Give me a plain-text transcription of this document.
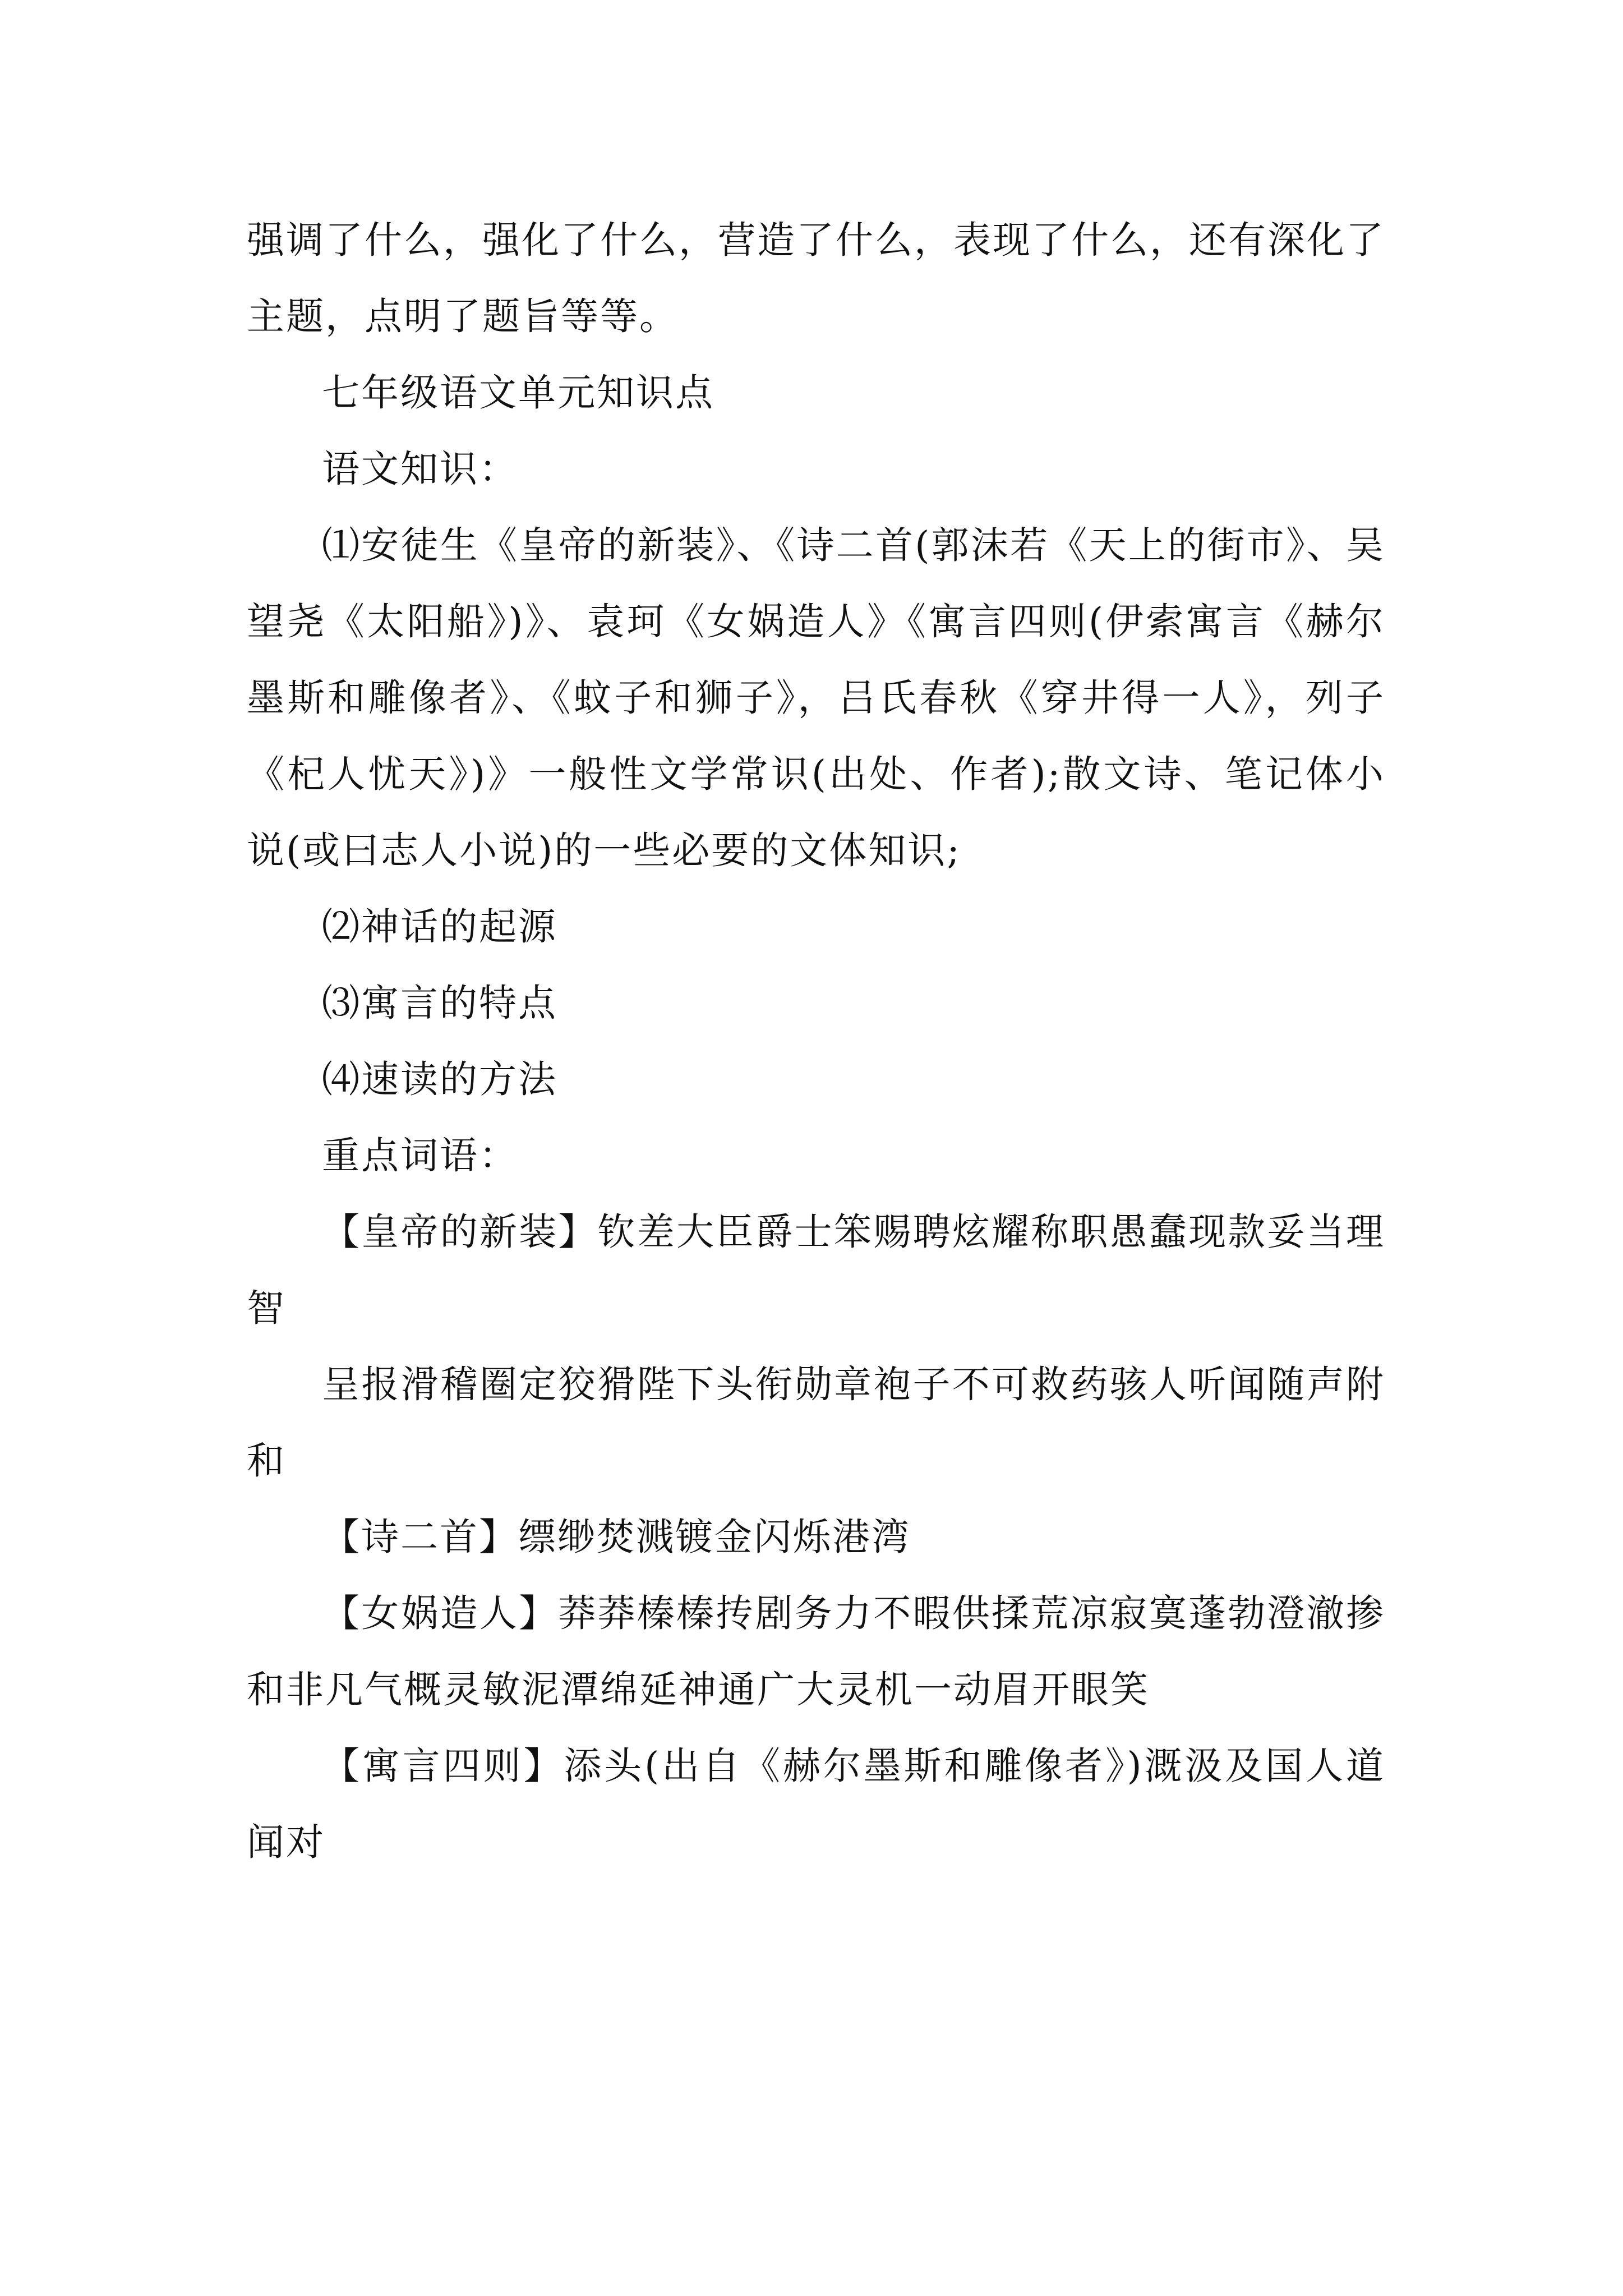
强调了什么，强化了什么，营造了什么，表现了什么，还有深化了主题，点明了题旨等等。

七年级语文单元知识点

语文知识：

⑴安徒生《皇帝的新装》、《诗二首(郭沫若《天上的街市》、吴望尧《太阳船》)》、袁珂《女娲造人》《寓言四则(伊索寓言《赫尔墨斯和雕像者》、《蚊子和狮子》，吕氏春秋《穿井得一人》，列子《杞人忧天》)》一般性文学常识(出处、作者);散文诗、笔记体小说(或曰志人小说)的一些必要的文体知识;

⑵神话的起源

⑶寓言的特点

⑷速读的方法

重点词语：

【皇帝的新装】钦差大臣爵士笨赐聘炫耀称职愚蠢现款妥当理智

呈报滑稽圈定狡猾陛下头衔勋章袍子不可救药骇人听闻随声附和

【诗二首】缥缈焚溅镀金闪烁港湾

【女娲造人】莽莽榛榛抟剧务力不暇供揉荒凉寂寞蓬勃澄澈掺和非凡气概灵敏泥潭绵延神通广大灵机一动眉开眼笑

【寓言四则】添头(出自《赫尔墨斯和雕像者》)溉汲及国人道闻对
